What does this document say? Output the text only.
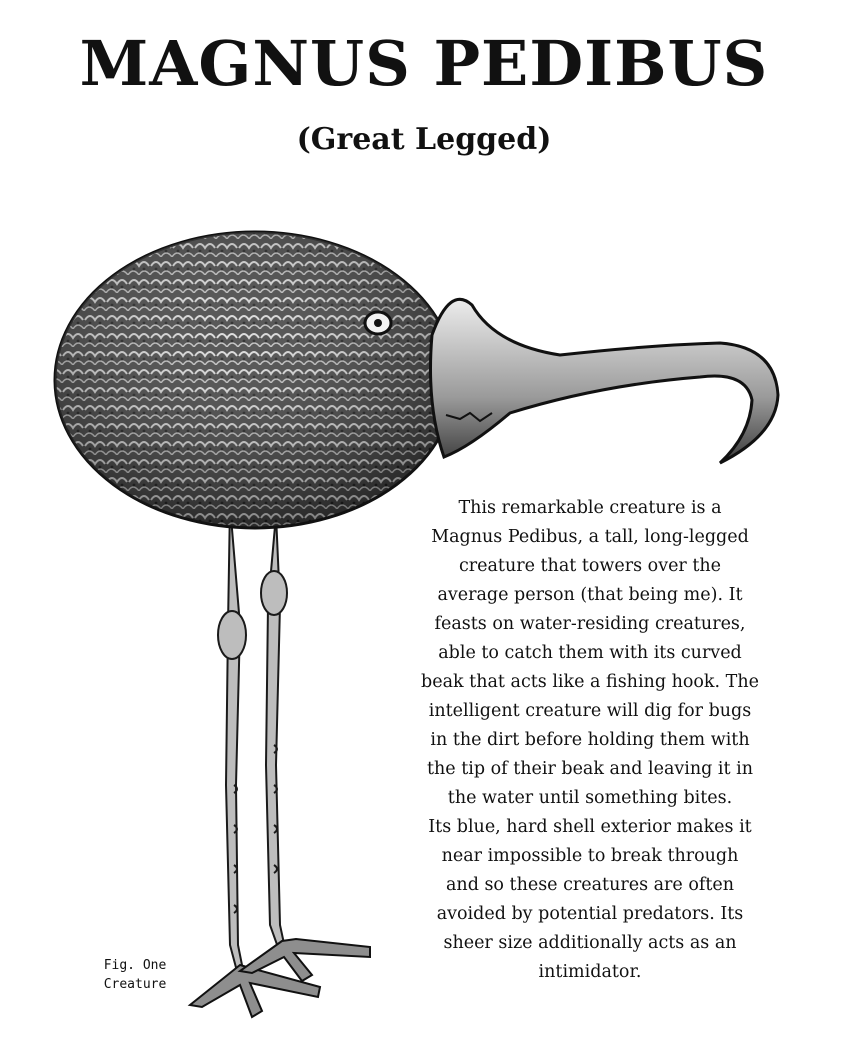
MAGNUS PEDIBUS
(Great Legged)
This remarkable creature is a
Magnus Pedibus, a tall, long-legged
creature that towers over the
average person (that being me). It
feasts on water-residing creatures,
able to catch them with its curved
beak that acts like a fishing hook. The
intelligent creature will dig for bugs
in the dirt before holding them with
the tip of their beak and leaving it in
the water until something bites.
Its blue, hard shell exterior makes it
near impossible to break through
and so these creatures are often
avoided by potential predators. Its
sheer size additionally acts as an
intimidator.
Fig. One
Creature
